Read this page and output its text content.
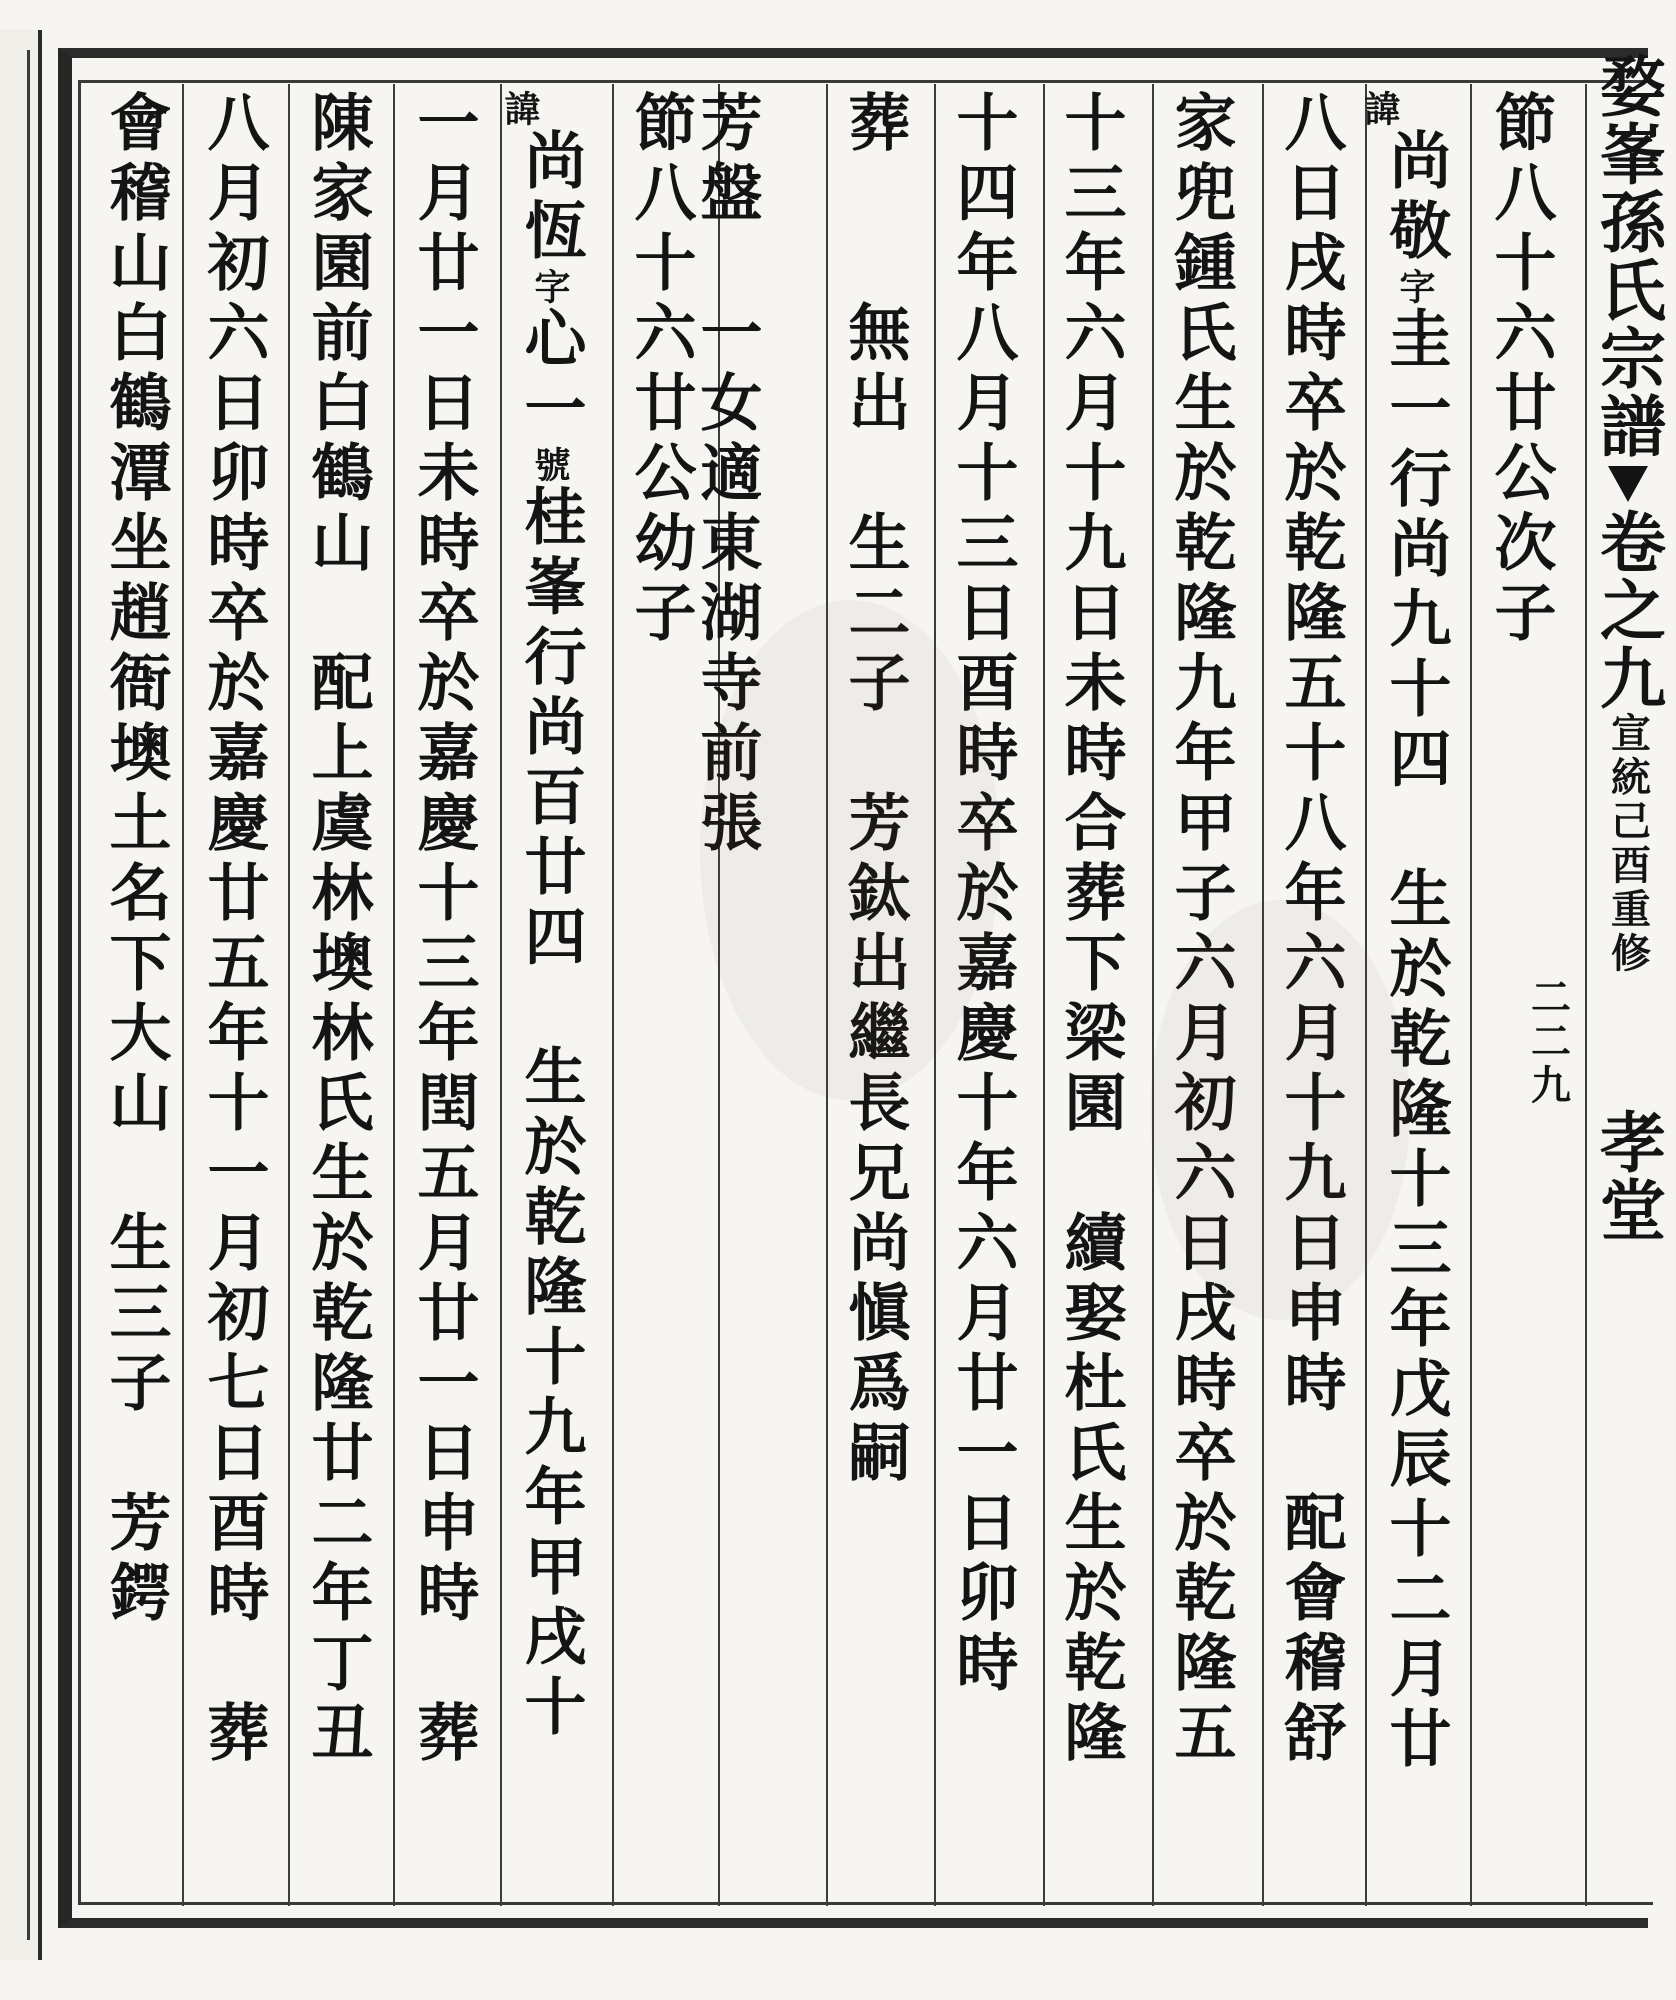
婺峯孫氏宗譜
卷之九
宣統己酉重修
二二九
孝堂
節八十六廿公次子
諱
尚敬
字
圭一行尚九十四　生於乾隆十三年戊辰十二月廿
八日戌時卒於乾隆五十八年六月十九日申時　配會稽舒
家兜鍾氏生於乾隆九年甲子六月初六日戌時卒於乾隆五
十三年六月十九日未時合葬下梁園　續娶杜氏生於乾隆
十四年八月十三日酉時卒於嘉慶十年六月廿一日卯時
葬　　無出　生二子　芳鈦出繼長兄尚愼爲嗣
芳盤　一女適東湖寺前張
節八十六廿公幼子
諱
尚恆
字
心一
號
桂峯行尚百廿四　生於乾隆十九年甲戌十
一月廿一日未時卒於嘉慶十三年閏五月廿一日申時　葬
陳家園前白鶴山　配上虞林墺林氏生於乾隆廿二年丁丑
八月初六日卯時卒於嘉慶廿五年十一月初七日酉時　葬
會稽山白鶴潭坐趙衙墺土名下大山　生三子　芳鍔
